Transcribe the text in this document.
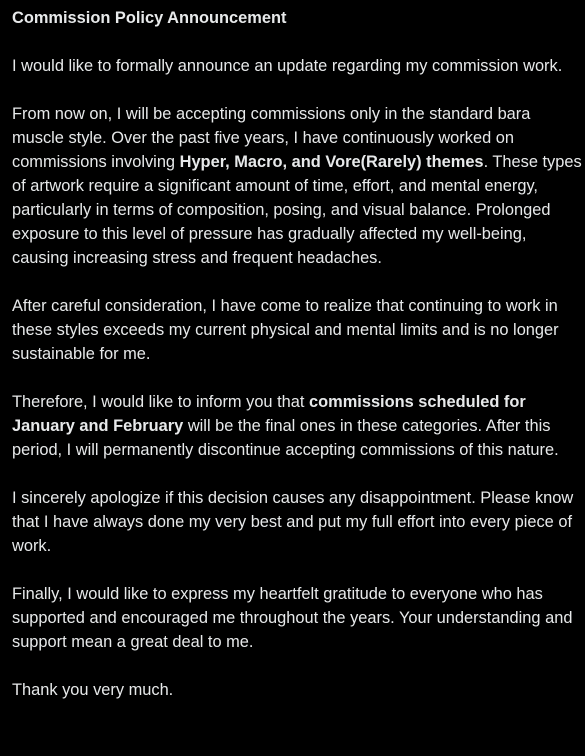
Commission Policy Announcement

I would like to formally announce an update regarding my commission work.

From now on, I will be accepting commissions only in the standard bara muscle style. Over the past five years, I have continuously worked on commissions involving Hyper, Macro, and Vore(Rarely) themes. These types of artwork require a significant amount of time, effort, and mental energy, particularly in terms of composition, posing, and visual balance. Prolonged exposure to this level of pressure has gradually affected my well-being, causing increasing stress and frequent headaches.

After careful consideration, I have come to realize that continuing to work in these styles exceeds my current physical and mental limits and is no longer sustainable for me.

Therefore, I would like to inform you that commissions scheduled for January and February will be the final ones in these categories. After this period, I will permanently discontinue accepting commissions of this nature.

I sincerely apologize if this decision causes any disappointment. Please know that I have always done my very best and put my full effort into every piece of work.

Finally, I would like to express my heartfelt gratitude to everyone who has supported and encouraged me throughout the years. Your understanding and support mean a great deal to me.

Thank you very much.
